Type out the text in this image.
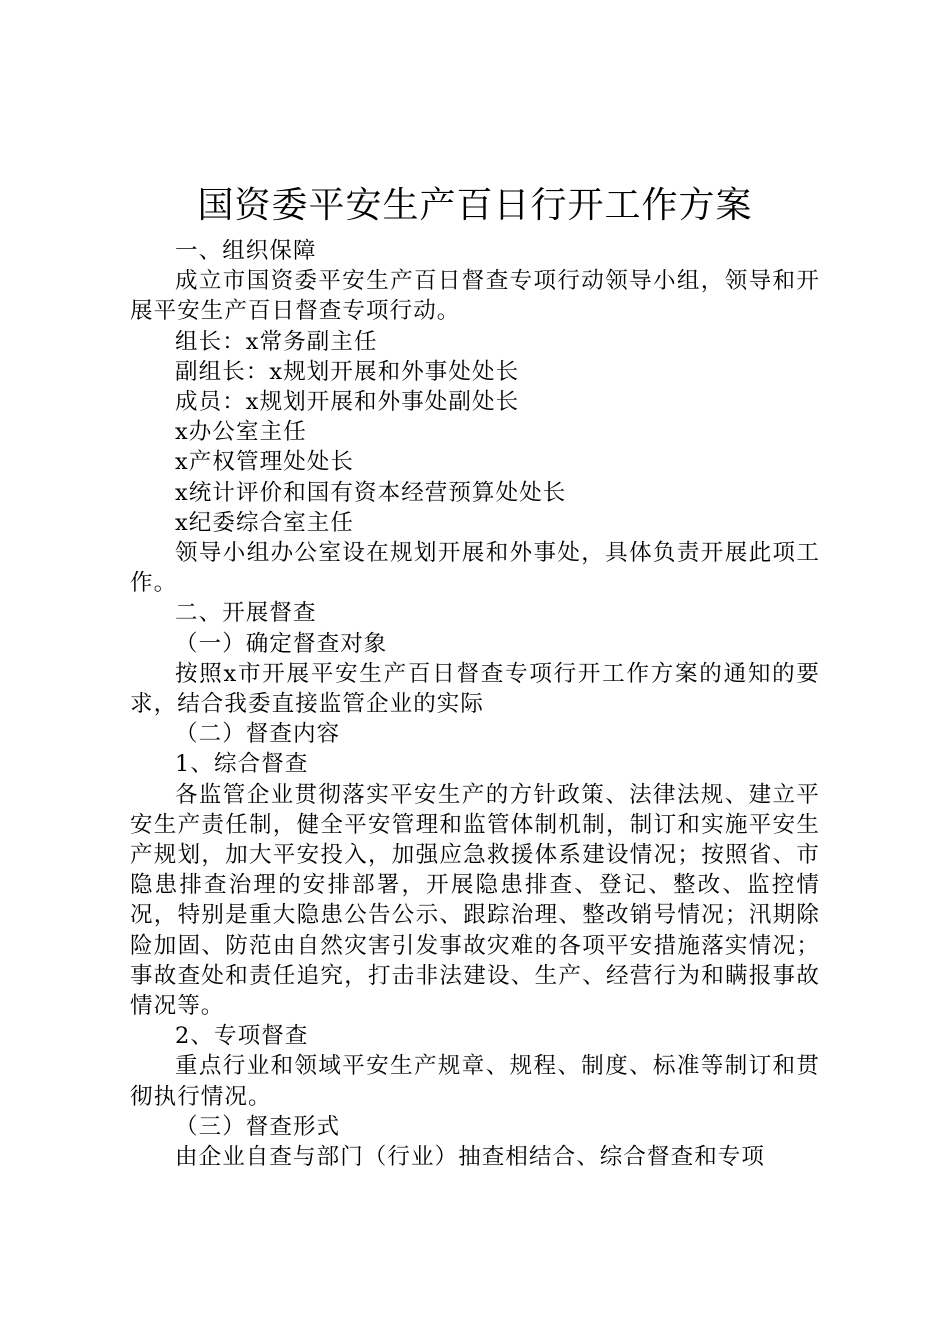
国资委平安生产百日行开工作方案

一、组织保障

成立市国资委平安生产百日督查专项行动领导小组，领导和开展平安生产百日督查专项行动。

组长：x常务副主任

副组长：x规划开展和外事处处长

成员：x规划开展和外事处副处长

x办公室主任

x产权管理处处长

x统计评价和国有资本经营预算处处长

x纪委综合室主任

领导小组办公室设在规划开展和外事处，具体负责开展此项工作。

二、开展督查

（一）确定督查对象

按照x市开展平安生产百日督查专项行开工作方案的通知的要求，结合我委直接监管企业的实际

（二）督查内容

1、综合督查

各监管企业贯彻落实平安生产的方针政策、法律法规、建立平安生产责任制，健全平安管理和监管体制机制，制订和实施平安生产规划，加大平安投入，加强应急救援体系建设情况；按照省、市隐患排查治理的安排部署，开展隐患排查、登记、整改、监控情况，特别是重大隐患公告公示、跟踪治理、整改销号情况；汛期除险加固、防范由自然灾害引发事故灾难的各项平安措施落实情况；事故查处和责任追究，打击非法建设、生产、经营行为和瞒报事故情况等。

2、专项督查

重点行业和领域平安生产规章、规程、制度、标准等制订和贯彻执行情况。

（三）督查形式

由企业自查与部门（行业）抽查相结合、综合督查和专项
